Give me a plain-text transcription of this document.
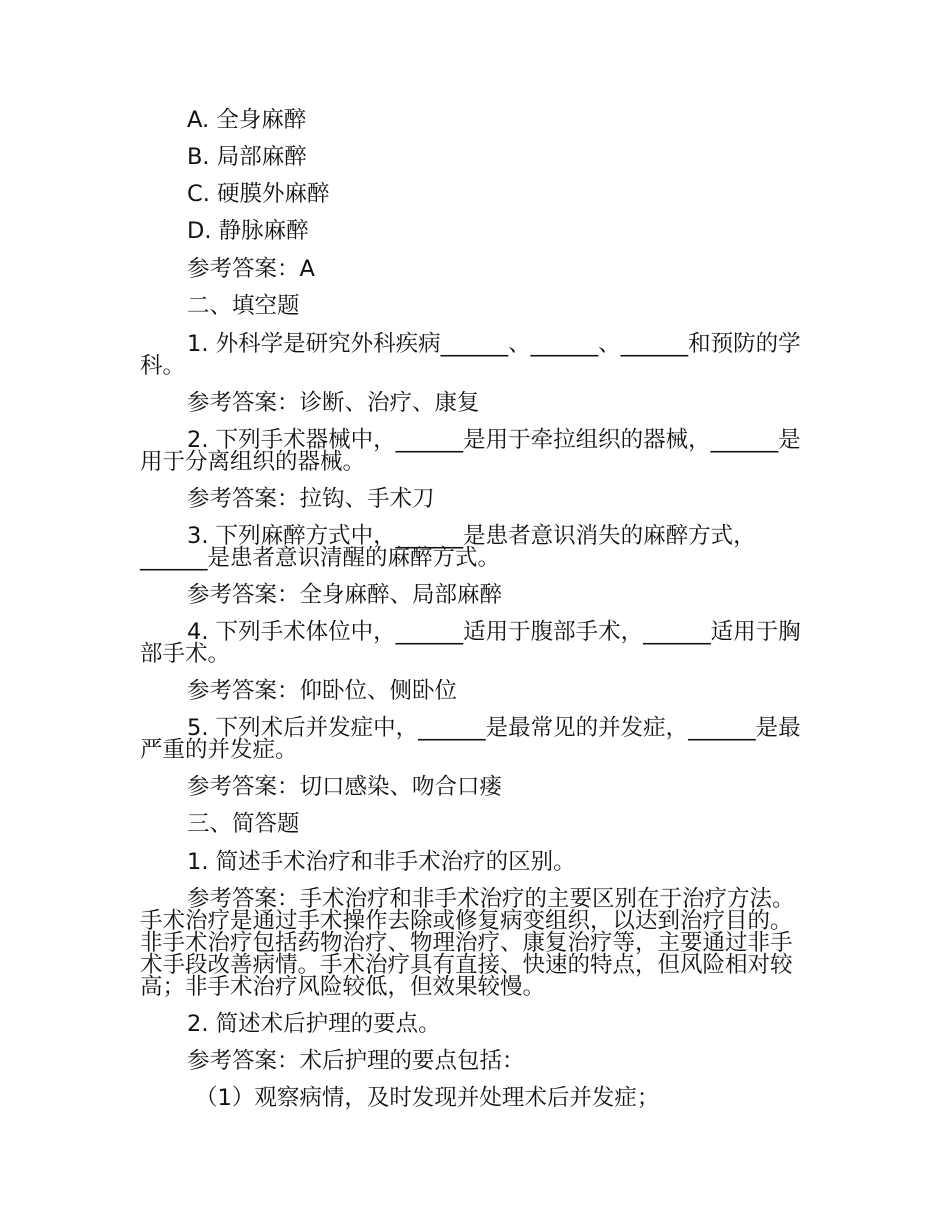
A. 全身麻醉
B. 局部麻醉
C. 硬膜外麻醉
D. 静脉麻醉
参考答案：A
二、填空题
1. 外科学是研究外科疾病______、______、______和预防的学科。
参考答案：诊断、治疗、康复
2. 下列手术器械中，______是用于牵拉组织的器械，______是用于分离组织的器械。
参考答案：拉钩、手术刀
3. 下列麻醉方式中，______是患者意识消失的麻醉方式，______是患者意识清醒的麻醉方式。
参考答案：全身麻醉、局部麻醉
4. 下列手术体位中，______适用于腹部手术，______适用于胸部手术。
参考答案：仰卧位、侧卧位
5. 下列术后并发症中，______是最常见的并发症，______是最严重的并发症。
参考答案：切口感染、吻合口瘘
三、简答题
1. 简述手术治疗和非手术治疗的区别。
参考答案：手术治疗和非手术治疗的主要区别在于治疗方法。手术治疗是通过手术操作去除或修复病变组织，以达到治疗目的。非手术治疗包括药物治疗、物理治疗、康复治疗等，主要通过非手术手段改善病情。手术治疗具有直接、快速的特点，但风险相对较高；非手术治疗风险较低，但效果较慢。
2. 简述术后护理的要点。
参考答案：术后护理的要点包括：
（1）观察病情，及时发现并处理术后并发症；
